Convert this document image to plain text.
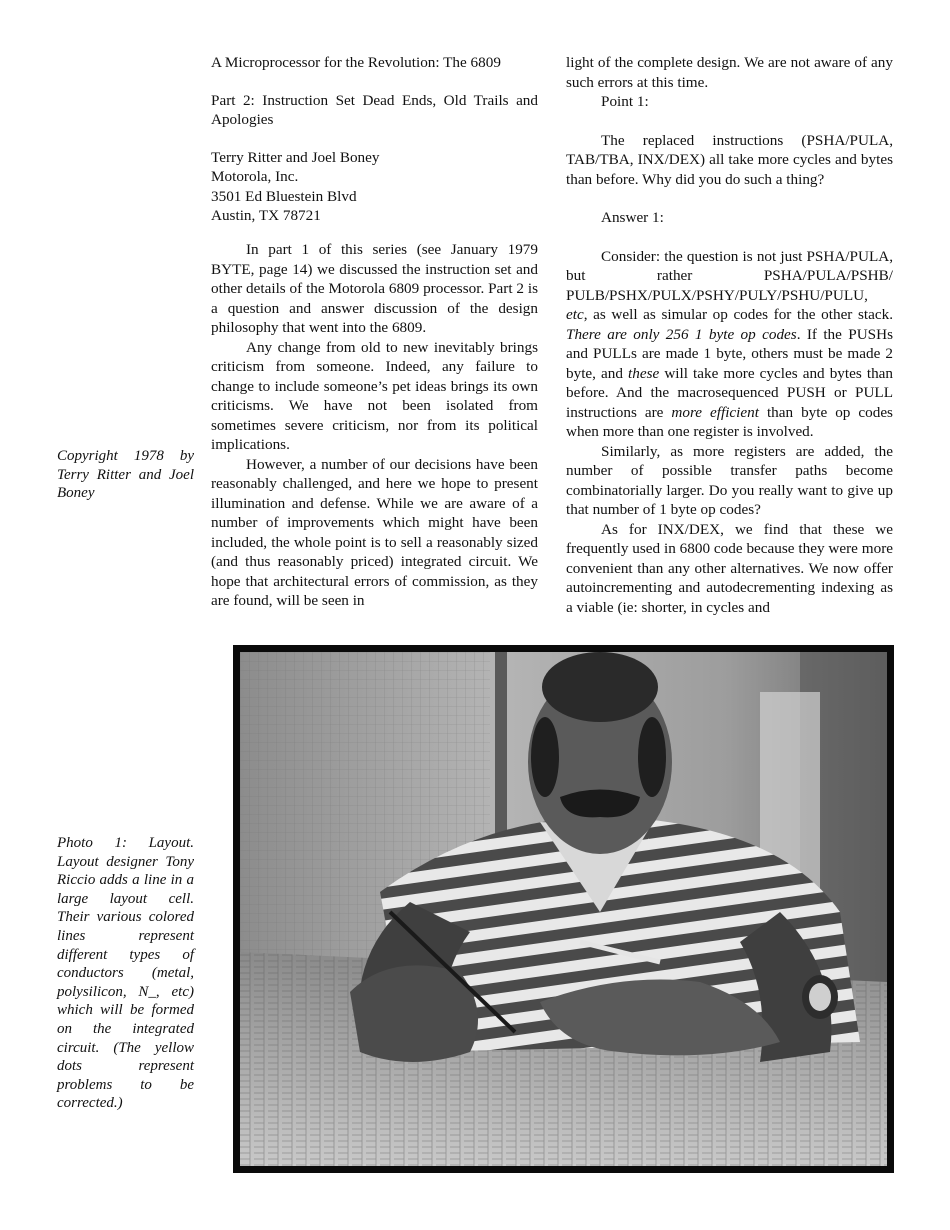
A Microprocessor for the Revolution: The 6809

Part 2: Instruction Set Dead Ends, Old Trails and Apologies

Terry Ritter and Joel Boney

Motorola, Inc.

3501 Ed Bluestein Blvd

Austin, TX 78721

In part 1 of this series (see January 1979 BYTE, page 14) we discussed the instruction set and other details of the Motorola 6809 processor. Part 2 is a question and answer discussion of the design philosophy that went into the 6809.

Any change from old to new inevitably brings criticism from someone. Indeed, any failure to change to include someone’s pet ideas brings its own criticisms. We have not been isolated from sometimes severe criticism, nor from its political implications.

However, a number of our decisions have been reasonably challenged, and here we hope to present illumination and defense. While we are aware of a number of improvements which might have been included, the whole point is to sell a reasonably sized (and thus reasonably priced) integrated circuit. We hope that architectural errors of commission, as they are found, will be seen in

Copyright 1978 by Terry Ritter and Joel Boney

light of the complete design. We are not aware of any such errors at this time.

Point 1:

The replaced instructions (PSHA/PULA, TAB/TBA, INX/DEX) all take more cycles and bytes than before. Why did you do such a thing?

Answer 1:

Consider: the question is not just PSHA/PULA, but rather PSHA/PULA/PSHB/ PULB/PSHX/PULX/PSHY/PULY/PSHU/PULU, etc, as well as simular op codes for the other stack. There are only 256 1 byte op codes. If the PUSHs and PULLs are made 1 byte, others must be made 2 byte, and these will take more cycles and bytes than before. And the macrosequenced PUSH or PULL instructions are more efficient than byte op codes when more than one register is involved.

Similarly, as more registers are added, the number of possible transfer paths become combinatorially larger. Do you really want to give up that number of 1 byte op codes?

As for INX/DEX, we find that these we frequently used in 6800 code because they were more convenient than any other alternatives. We now offer autoincrementing and autodecrementing indexing as a viable (ie: shorter, in cycles and

Photo 1: Layout. Layout designer Tony Riccio adds a line in a large layout cell. Their various colored lines represent different types of conductors (metal, polysilicon, N_, etc) which will be formed on the integrated circuit. (The yellow dots represent problems to be corrected.)
